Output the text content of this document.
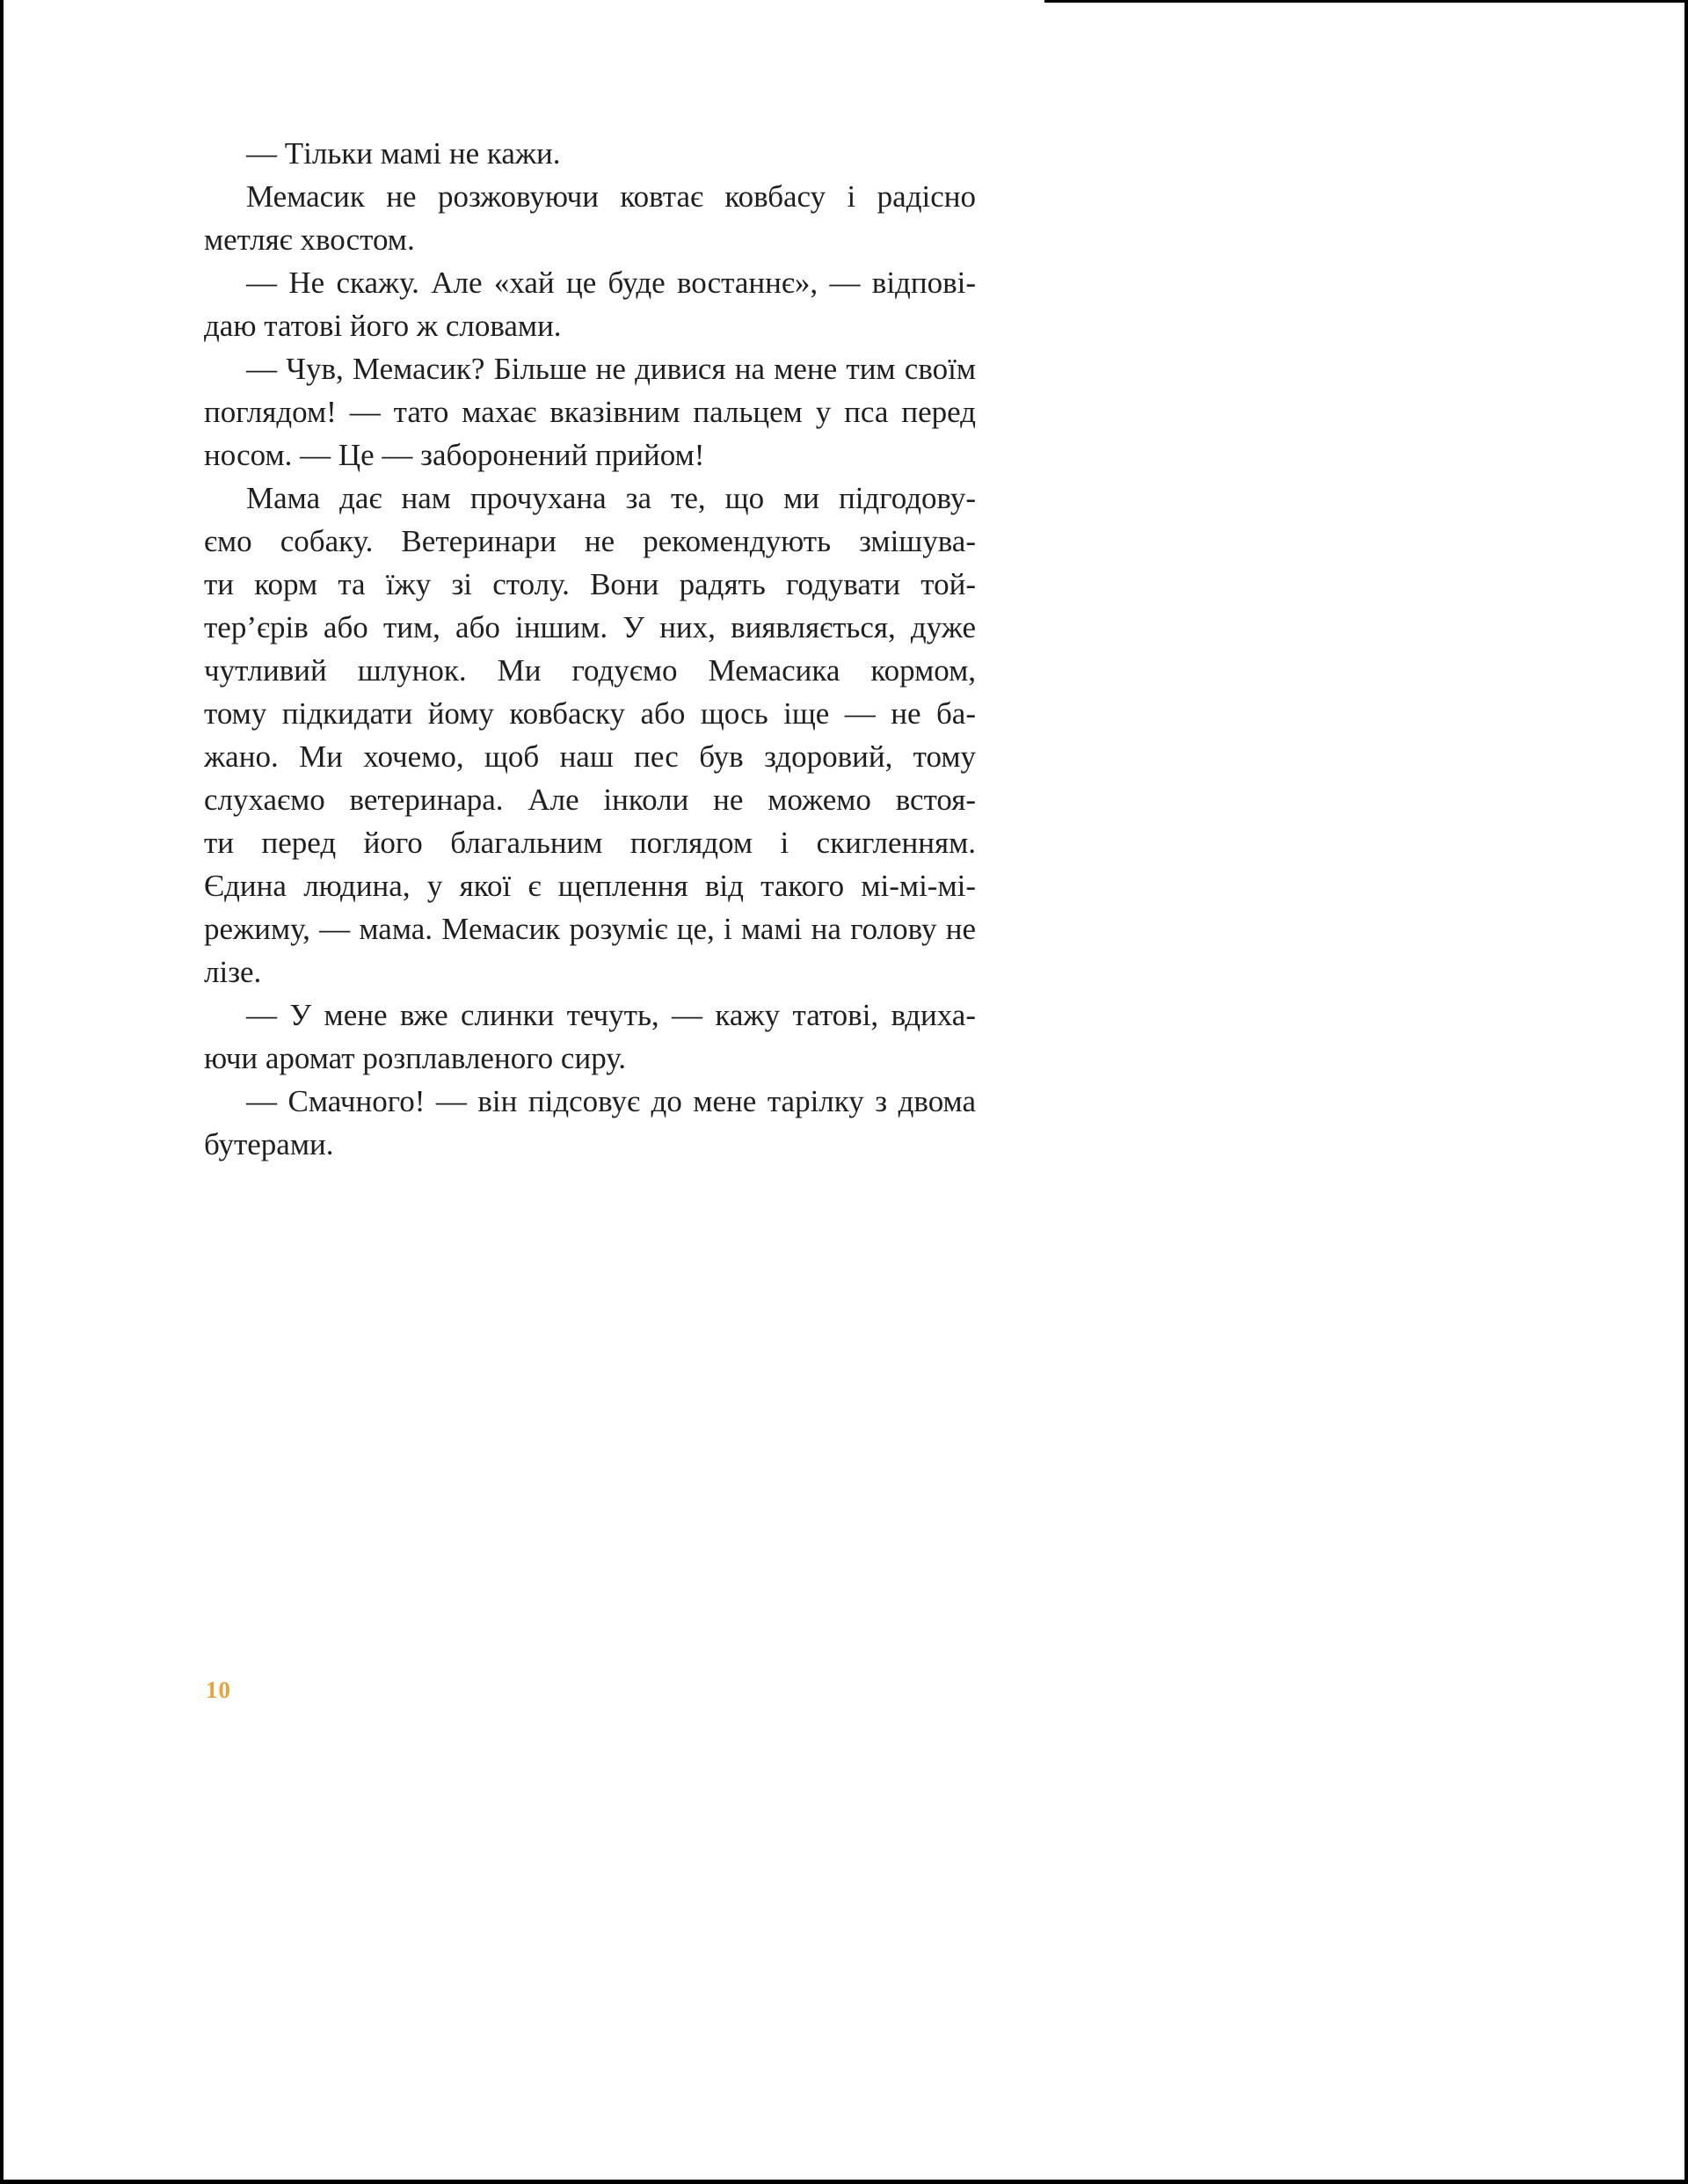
— Тільки мамі не кажи.
Мемасик не розжовуючи ковтає ковбасу і радісно
метляє хвостом.
— Не скажу. Але «хай це буде востаннє», — відпові-
даю татові його ж словами.
— Чув, Мемасик? Більше не дивися на мене тим своїм
поглядом! — тато махає вказівним пальцем у пса перед
носом. — Це — заборонений прийом!
Мама дає нам прочухана за те, що ми підгодову-
ємо собаку. Ветеринари не рекомендують змішува-
ти корм та їжу зі столу. Вони радять годувати той-
тер’єрів або тим, або іншим. У них, виявляється, дуже
чутливий шлунок. Ми годуємо Мемасика кормом,
тому підкидати йому ковбаску або щось іще — не ба-
жано. Ми хочемо, щоб наш пес був здоровий, тому
слухаємо ветеринара. Але інколи не можемо встоя-
ти перед його благальним поглядом і скигленням.
Єдина людина, у якої є щеплення від такого мі-мі-мі-
режиму, — мама. Мемасик розуміє це, і мамі на голову не
лізе.
— У мене вже слинки течуть, — кажу татові, вдиха-
ючи аромат розплавленого сиру.
— Смачного! — він підсовує до мене тарілку з двома
бутерами.
10
